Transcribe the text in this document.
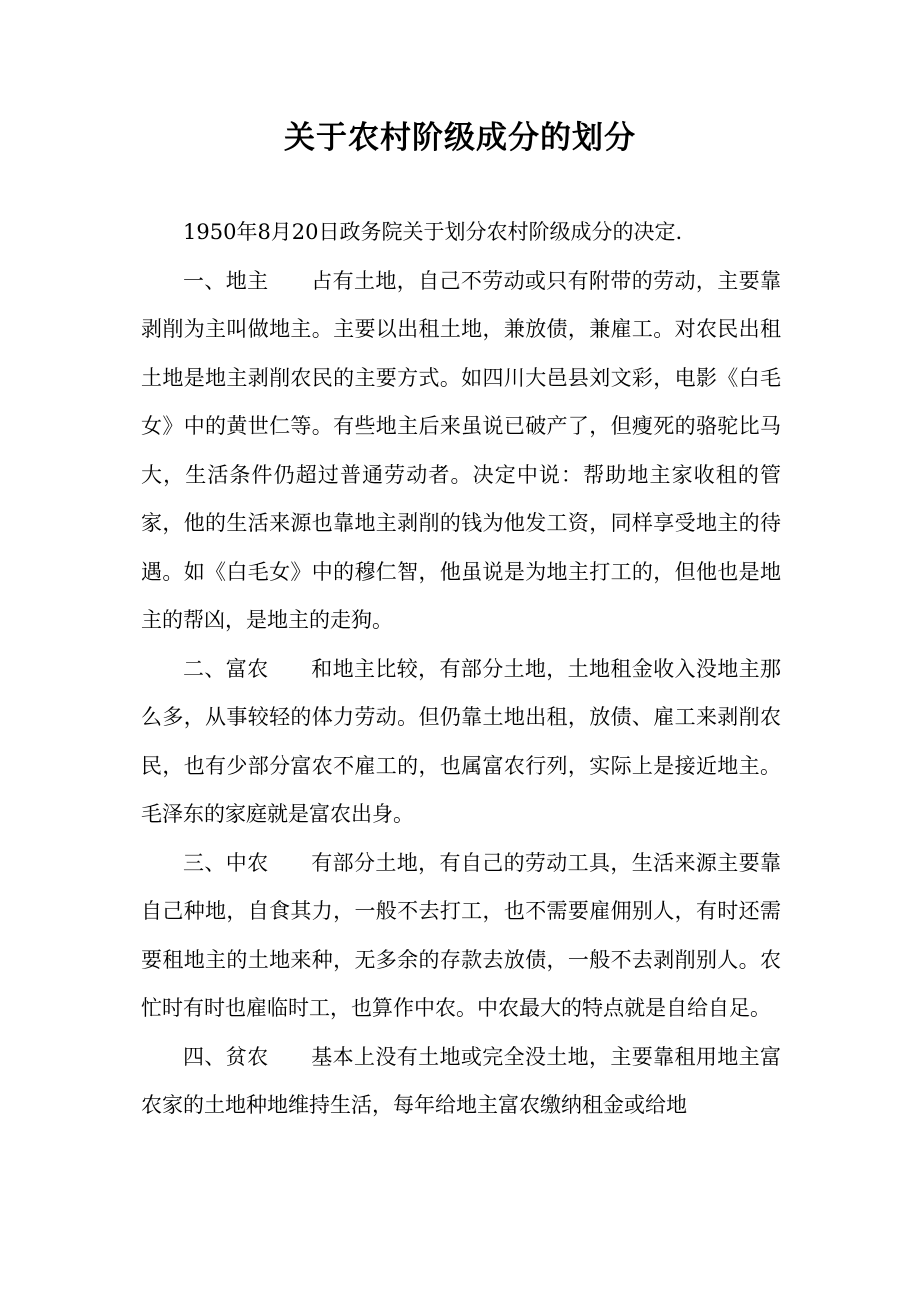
关于农村阶级成分的划分

1950年8月20日政务院关于划分农村阶级成分的决定.

一、地主　　 占有土地，自己不劳动或只有附带的劳动，主要靠剥削为主叫做地主。主要以出租土地，兼放债，兼雇工。对农民出租土地是地主剥削农民的主要方式。如四川大邑县刘文彩，电影《白毛女》中的黄世仁等。有些地主后来虽说已破产了，但瘦死的骆驼比马大，生活条件仍超过普通劳动者。决定中说：帮助地主家收租的管家，他的生活来源也靠地主剥削的钱为他发工资，同样享受地主的待遇。如《白毛女》中的穆仁智，他虽说是为地主打工的，但他也是地主的帮凶，是地主的走狗。

二、富农　　 和地主比较，有部分土地，土地租金收入没地主那么多，从事较轻的体力劳动。但仍靠土地出租，放债、雇工来剥削农民，也有少部分富农不雇工的，也属富农行列，实际上是接近地主。毛泽东的家庭就是富农出身。

三、中农　　 有部分土地，有自己的劳动工具，生活来源主要靠自己种地，自食其力，一般不去打工，也不需要雇佣别人，有时还需要租地主的土地来种，无多余的存款去放债，一般不去剥削别人。农忙时有时也雇临时工，也算作中农。中农最大的特点就是自给自足。

四、贫农　　 基本上没有土地或完全没土地，主要靠租用地主富农家的土地种地维持生活，每年给地主富农缴纳租金或给地
